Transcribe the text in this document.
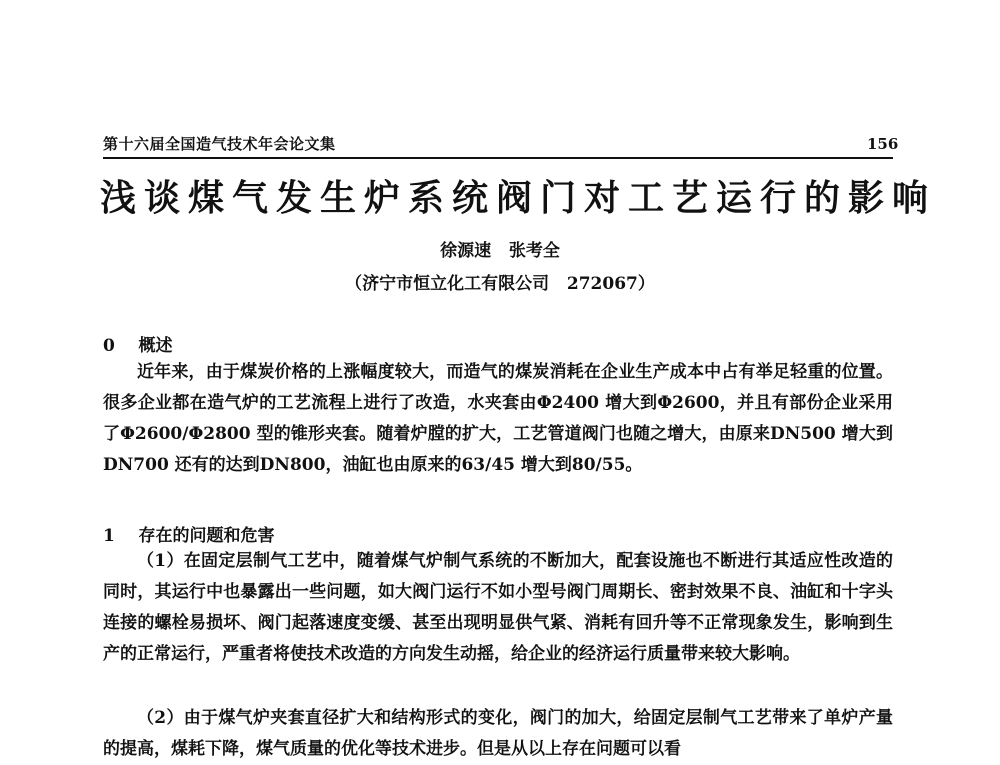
第十六届全国造气技术年会论文集	156
浅谈煤气发生炉系统阀门对工艺运行的影响
徐源速   张考全
（济宁市恒立化工有限公司   272067）
0    概述

近年来，由于煤炭价格的上涨幅度较大，而造气的煤炭消耗在企业生产成本中占有举足轻重的位置。很多企业都在造气炉的工艺流程上进行了改造，水夹套由Φ2400 增大到Φ2600，并且有部份企业采用了Φ2600/Φ2800 型的锥形夹套。随着炉膛的扩大，工艺管道阀门也随之增大，由原来DN500 增大到DN700 还有的达到DN800，油缸也由原来的63/45 增大到80/55。

1    存在的问题和危害

（1）在固定层制气工艺中，随着煤气炉制气系统的不断加大，配套设施也不断进行其适应性改造的同时，其运行中也暴露出一些问题，如大阀门运行不如小型号阀门周期长、密封效果不良、油缸和十字头连接的螺栓易损坏、阀门起落速度变缓、甚至出现明显供气紧、消耗有回升等不正常现象发生，影响到生产的正常运行，严重者将使技术改造的方向发生动摇，给企业的经济运行质量带来较大影响。

（2）由于煤气炉夹套直径扩大和结构形式的变化，阀门的加大，给固定层制气工艺带来了单炉产量的提高，煤耗下降，煤气质量的优化等技术进步。但是从以上存在问题可以看
